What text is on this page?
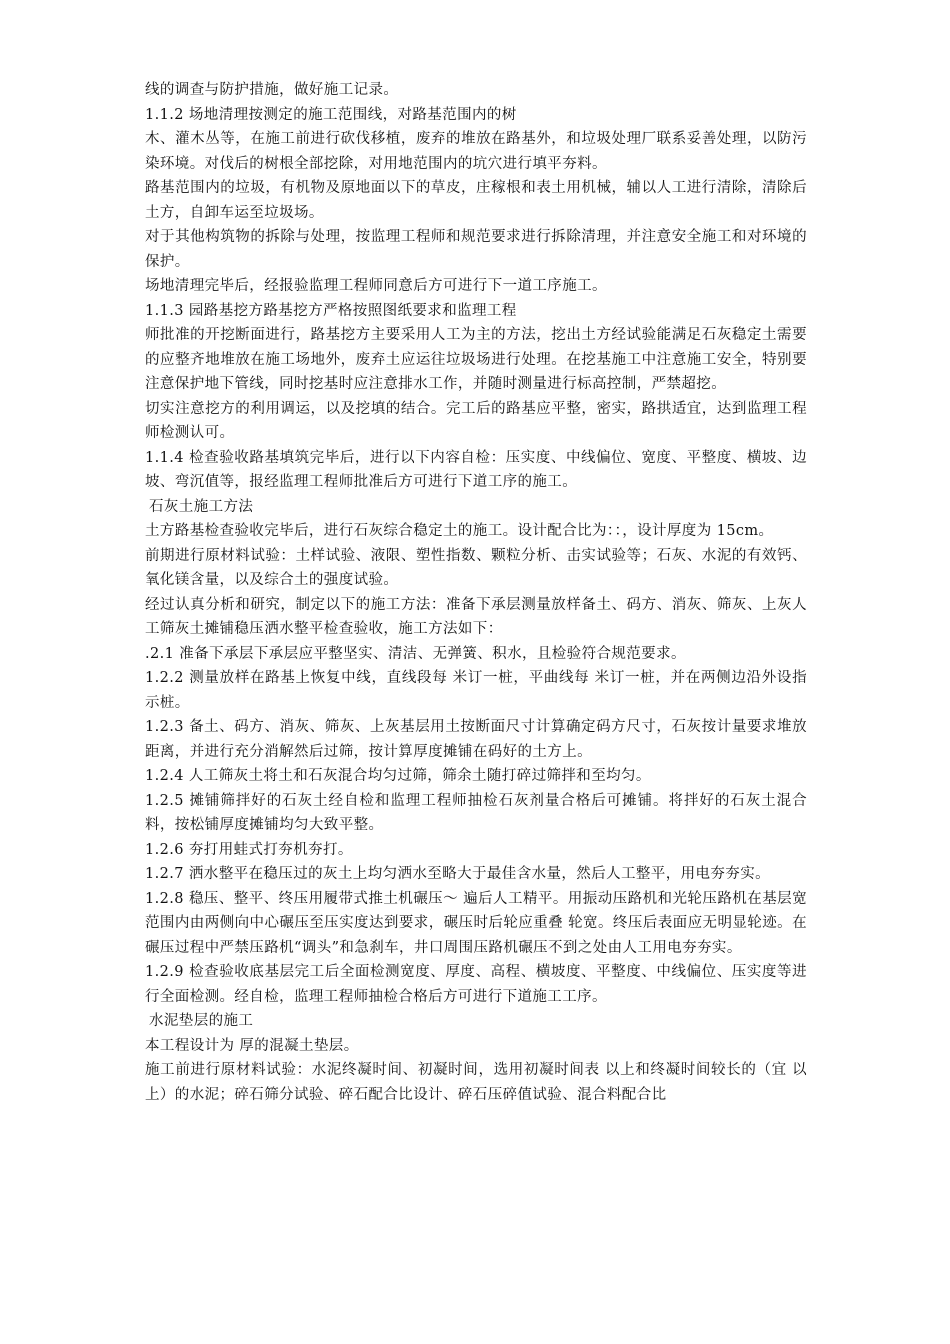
线的调查与防护措施，做好施工记录。

1.1.2 场地清理按测定的施工范围线，对路基范围内的树

木、灌木丛等，在施工前进行砍伐移植，废弃的堆放在路基外，和垃圾处理厂联系妥善处理，以防污染环境。对伐后的树根全部挖除，对用地范围内的坑穴进行填平夯料。

路基范围内的垃圾，有机物及原地面以下的草皮，庄稼根和表土用机械，辅以人工进行清除，清除后土方，自卸车运至垃圾场。

对于其他构筑物的拆除与处理，按监理工程师和规范要求进行拆除清理，并注意安全施工和对环境的保护。

场地清理完毕后，经报验监理工程师同意后方可进行下一道工序施工。

1.1.3 园路基挖方路基挖方严格按照图纸要求和监理工程

师批准的开挖断面进行，路基挖方主要采用人工为主的方法，挖出土方经试验能满足石灰稳定土需要的应整齐地堆放在施工场地外，废弃土应运往垃圾场进行处理。在挖基施工中注意施工安全，特别要注意保护地下管线，同时挖基时应注意排水工作，并随时测量进行标高控制，严禁超挖。

切实注意挖方的利用调运，以及挖填的结合。完工后的路基应平整，密实，路拱适宜，达到监理工程师检测认可。

1.1.4 检查验收路基填筑完毕后，进行以下内容自检：压实度、中线偏位、宽度、平整度、横坡、边坡、弯沉值等，报经监理工程师批准后方可进行下道工序的施工。

石灰土施工方法

土方路基检查验收完毕后，进行石灰综合稳定土的施工。设计配合比为：：，设计厚度为 15cm。

前期进行原材料试验：土样试验、液限、塑性指数、颗粒分析、击实试验等；石灰、水泥的有效钙、氧化镁含量，以及综合土的强度试验。

经过认真分析和研究，制定以下的施工方法：准备下承层测量放样备土、码方、消灰、筛灰、上灰人工筛灰土摊铺稳压洒水整平检查验收，施工方法如下：

.2.1 准备下承层下承层应平整坚实、清洁、无弹簧、积水，且检验符合规范要求。

1.2.2 测量放样在路基上恢复中线，直线段每 米订一桩，平曲线每 米订一桩，并在两侧边沿外设指示桩。

1.2.3 备土、码方、消灰、筛灰、上灰基层用土按断面尺寸计算确定码方尺寸，石灰按计量要求堆放距离，并进行充分消解然后过筛，按计算厚度摊铺在码好的土方上。

1.2.4 人工筛灰土将土和石灰混合均匀过筛，筛余土随打碎过筛拌和至均匀。

1.2.5 摊铺筛拌好的石灰土经自检和监理工程师抽检石灰剂量合格后可摊铺。将拌好的石灰土混合料，按松铺厚度摊铺均匀大致平整。

1.2.6 夯打用蛙式打夯机夯打。

1.2.7 洒水整平在稳压过的灰土上均匀洒水至略大于最佳含水量，然后人工整平，用电夯夯实。

1.2.8 稳压、整平、终压用履带式推土机碾压～ 遍后人工精平。用振动压路机和光轮压路机在基层宽范围内由两侧向中心碾压至压实度达到要求，碾压时后轮应重叠 轮宽。终压后表面应无明显轮迹。在碾压过程中严禁压路机“调头”和急刹车，井口周围压路机碾压不到之处由人工用电夯夯实。

1.2.9 检查验收底基层完工后全面检测宽度、厚度、高程、横坡度、平整度、中线偏位、压实度等进行全面检测。经自检，监理工程师抽检合格后方可进行下道施工工序。

水泥垫层的施工

本工程设计为 厚的混凝土垫层。

施工前进行原材料试验：水泥终凝时间、初凝时间，选用初凝时间表 以上和终凝时间较长的（宜 以上）的水泥；碎石筛分试验、碎石配合比设计、碎石压碎值试验、混合料配合比
